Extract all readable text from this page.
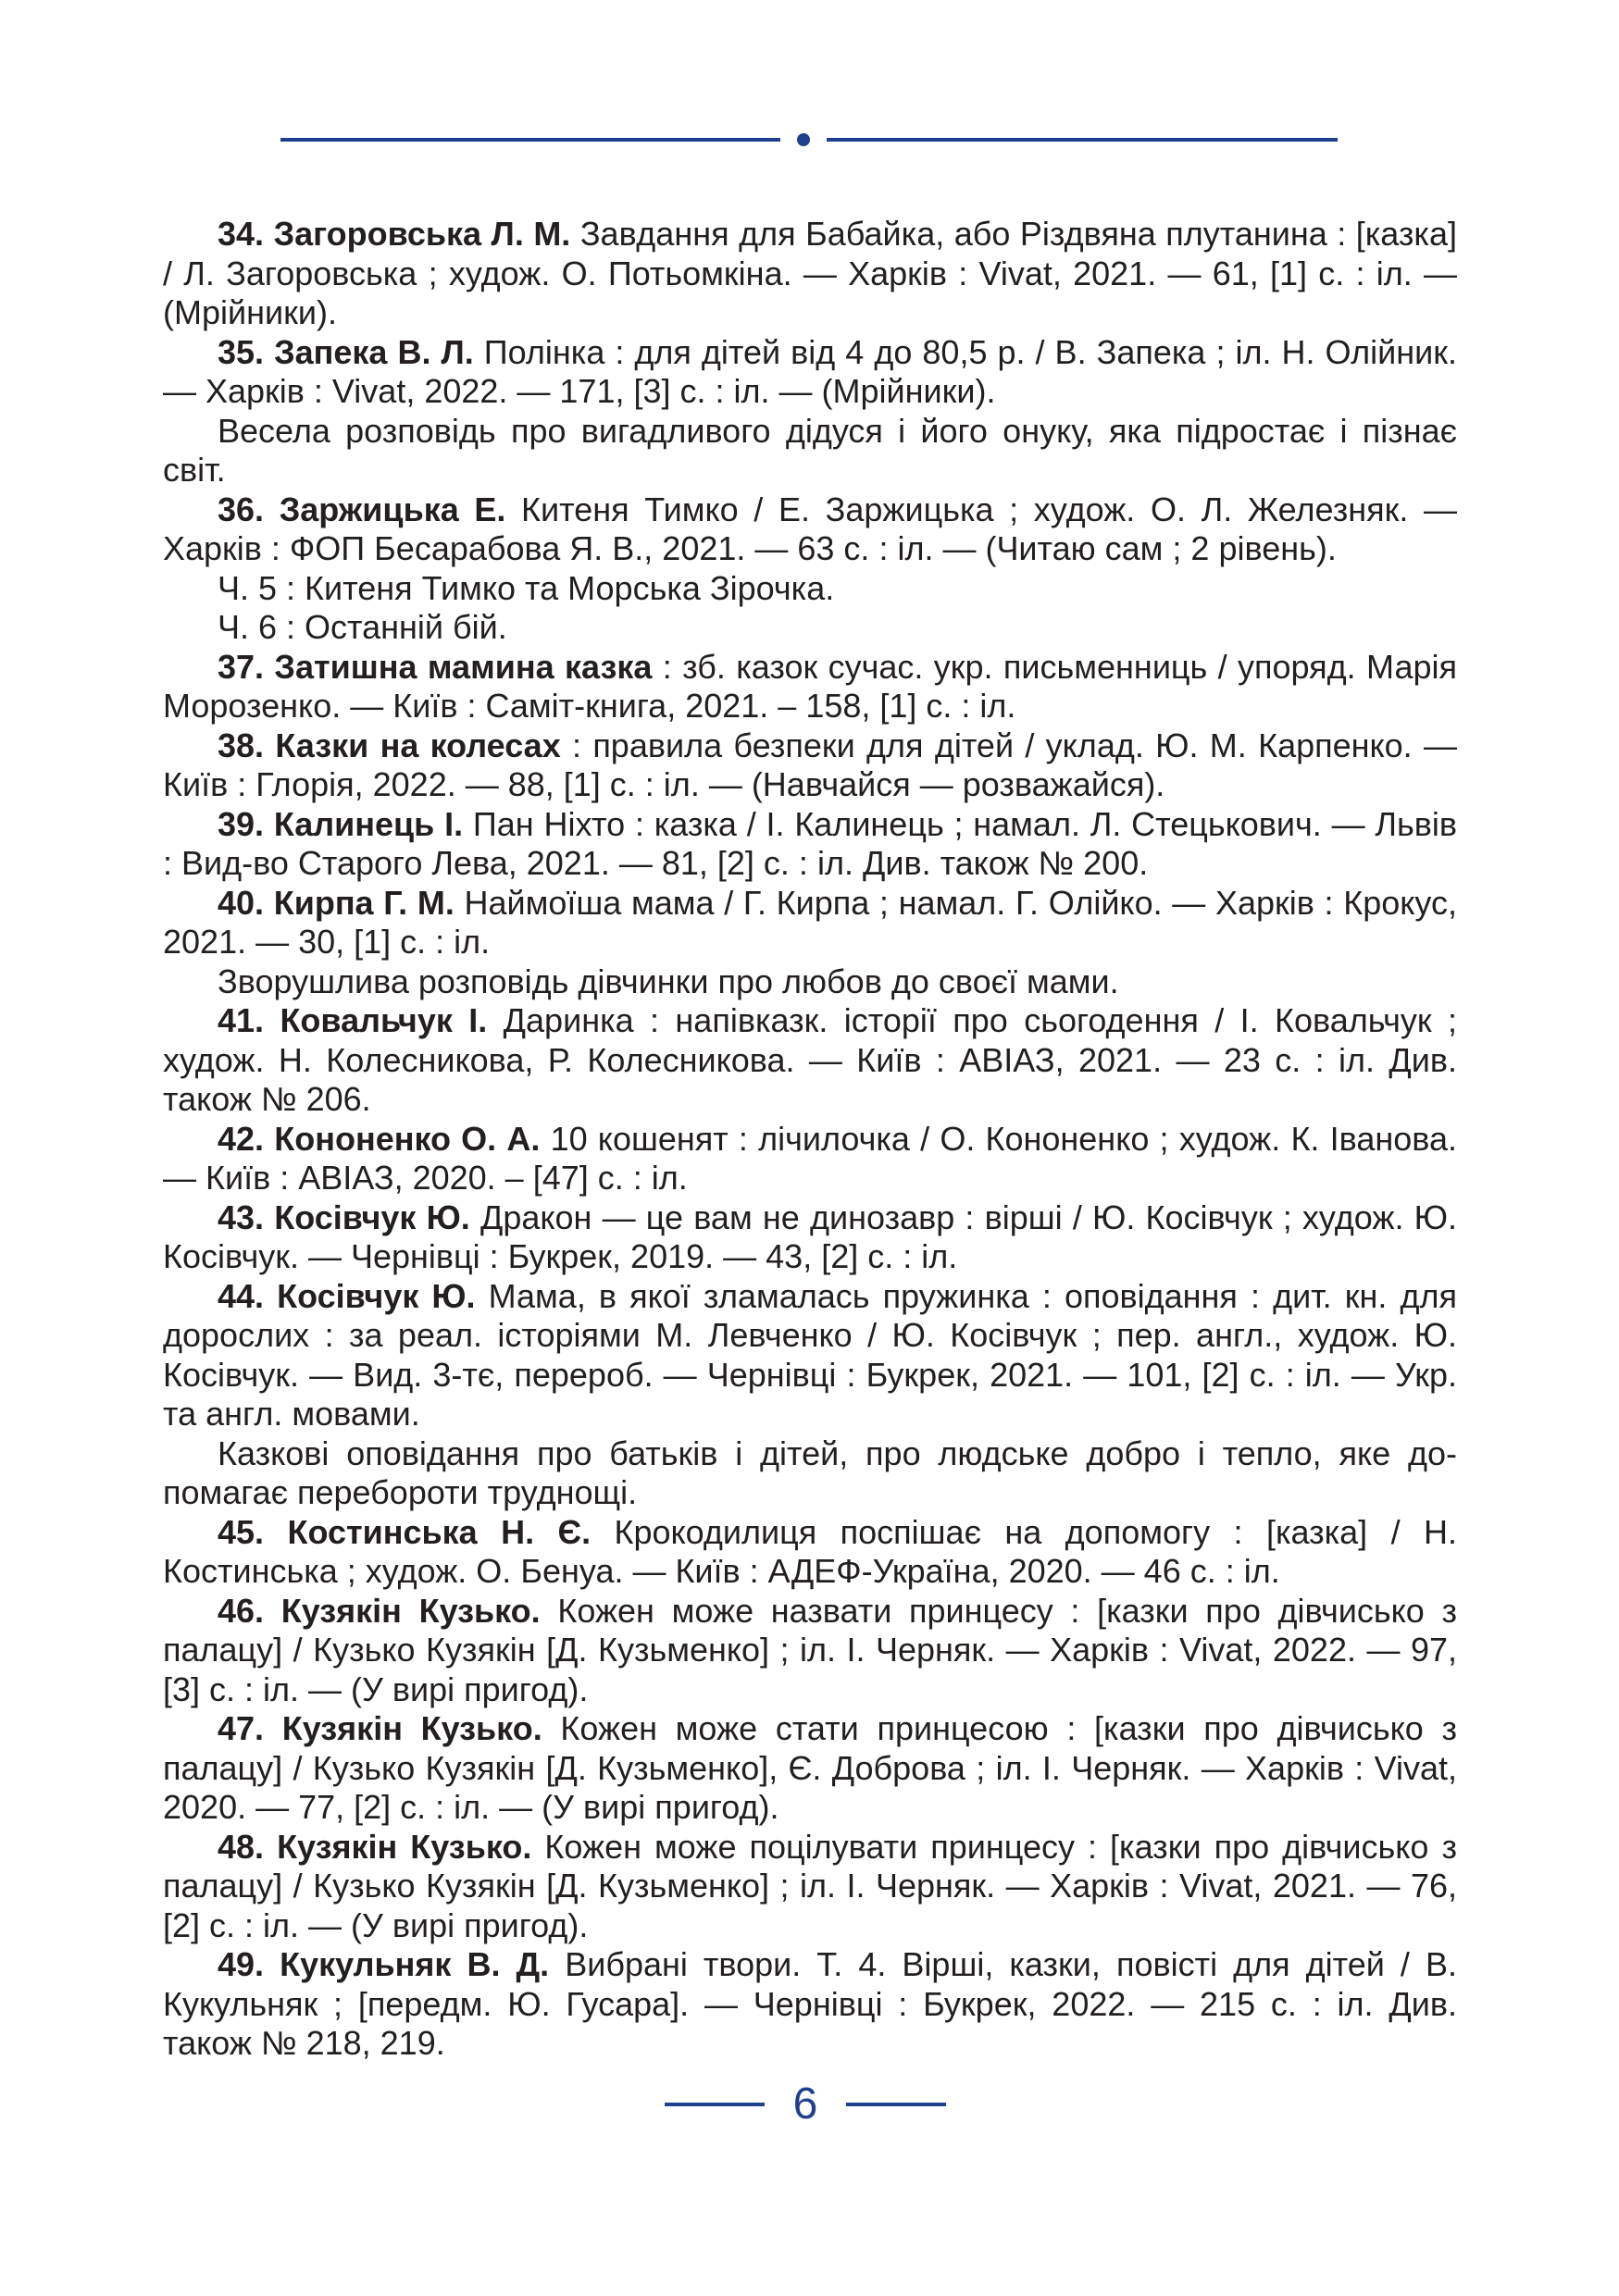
34. Загоровська Л. М. Завдання для Бабайка, або Різдвяна плутанина : [казка] / Л. Загоровська ; худож. О. Потьомкіна. — Харків : Vivat, 2021. — 61, [1] с. : іл. — (Мрійники).

35. Запека В. Л. Полінка : для дітей від 4 до 80,5 р. / В. Запека ; іл. Н. Олійник. — Харків : Vivat, 2022. — 171, [3] с. : іл. — (Мрійники).

Весела розповідь про вигадливого дідуся і його онуку, яка підростає і пізнає світ.

36. Заржицька Е. Китеня Тимко / Е. Заржицька ; худож. О. Л. Железняк. — Харків : ФОП Бесарабова Я. В., 2021. — 63 с. : іл. — (Читаю сам ; 2 рівень).

Ч. 5 : Китеня Тимко та Морська Зірочка.

Ч. 6 : Останній бій.

37. Затишна мамина казка : зб. казок сучас. укр. письменниць / упоряд. Марія Морозенко. — Київ : Саміт-книга, 2021. – 158, [1] с. : іл.

38. Казки на колесах : правила безпеки для дітей / уклад. Ю. М. Карпенко. — Київ : Глорія, 2022. — 88, [1] с. : іл. — (Навчайся — розважайся).

39. Калинець І. Пан Ніхто : казка / І. Калинець ; намал. Л. Стецькович. — Львів : Вид-во Старого Лева, 2021. — 81, [2] с. : іл. Див. також № 200.

40. Кирпа Г. М. Наймоїша мама / Г. Кирпа ; намал. Г. Олійко. — Харків : Крокус, 2021. — 30, [1] с. : іл.

Зворушлива розповідь дівчинки про любов до своєї мами.

41. Ковальчук І. Даринка : напівказк. історії про сьогодення / І. Ковальчук ; худож. Н. Колесникова, Р. Колесникова. — Київ : АВІАЗ, 2021. — 23 с. : іл. Див. також № 206.

42. Кононенко О. А. 10 кошенят : лічилочка / О. Кононенко ; худож. К. Іванова. — Київ : АВІАЗ, 2020. – [47] с. : іл.

43. Косівчук Ю. Дракон — це вам не динозавр : вірші / Ю. Косівчук ; худож. Ю. Косівчук. — Чернівці : Букрек, 2019. — 43, [2] с. : іл.

44. Косівчук Ю. Мама, в якої зламалась пружинка : оповідання : дит. кн. для дорослих : за реал. історіями М. Левченко / Ю. Косівчук ; пер. англ., худож. Ю. Косівчук. — Вид. 3-тє, перероб. — Чернівці : Букрек, 2021. — 101, [2] с. : іл. — Укр. та англ. мовами.

Казкові оповідання про батьків і дітей, про людське добро і тепло, яке допомагає перебороти труднощі.

45. Костинська Н. Є. Крокодилиця поспішає на допомогу : [казка] / Н. Костинська ; худож. О. Бенуа. — Київ : АДЕФ-Україна, 2020. — 46 с. : іл.

46. Кузякін Кузько. Кожен може назвати принцесу : [казки про дівчисько з палацу] / Кузько Кузякін [Д. Кузьменко] ; іл. І. Черняк. — Харків : Vivat, 2022. — 97, [3] с. : іл. — (У вирі пригод).

47. Кузякін Кузько. Кожен може стати принцесою : [казки про дівчисько з палацу] / Кузько Кузякін [Д. Кузьменко], Є. Доброва ; іл. І. Черняк. — Харків : Vivat, 2020. — 77, [2] с. : іл. — (У вирі пригод).

48. Кузякін Кузько. Кожен може поцілувати принцесу : [казки про дівчисько з палацу] / Кузько Кузякін [Д. Кузьменко] ; іл. І. Черняк. — Харків : Vivat, 2021. — 76, [2] с. : іл. — (У вирі пригод).

49. Кукульняк В. Д. Вибрані твори. Т. 4. Вірші, казки, повісті для дітей / В. Кукульняк ; [передм. Ю. Гусара]. — Чернівці : Букрек, 2022. — 215 с. : іл. Див. також № 218, 219.

6
